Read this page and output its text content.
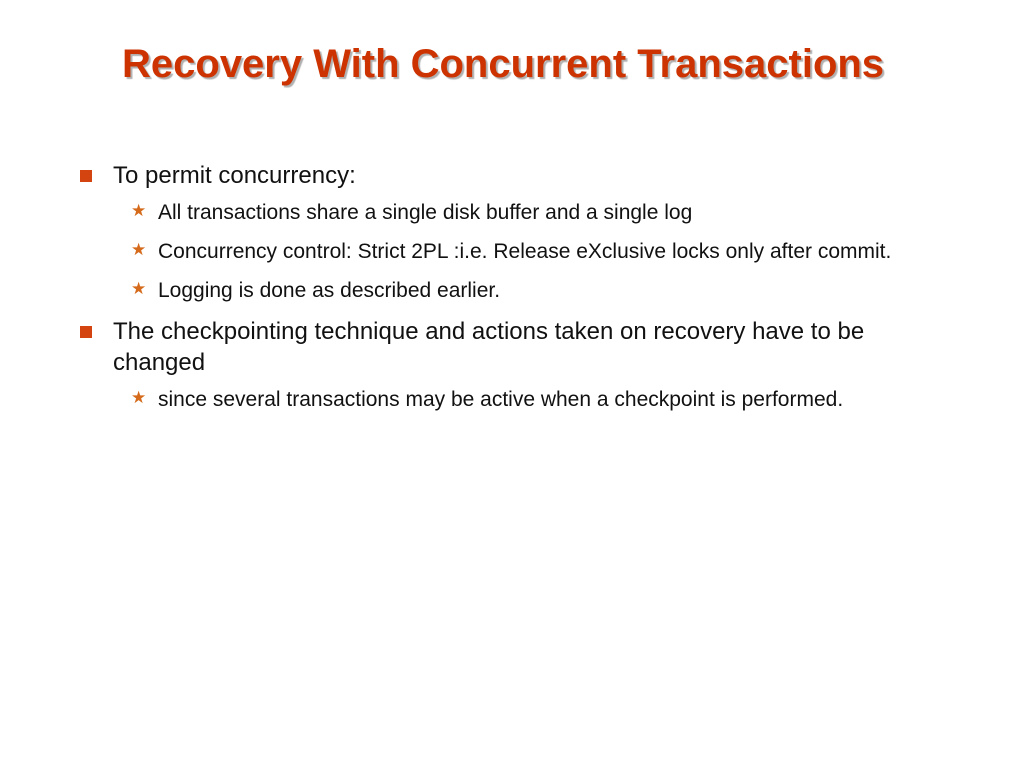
Recovery With Concurrent Transactions
To permit concurrency:
★ All transactions share a single disk buffer and a single log
★ Concurrency control: Strict 2PL :i.e. Release eXclusive locks only after commit.
★ Logging is done as described earlier.
The checkpointing technique and actions taken on recovery have to be changed
★ since several transactions may be active when a checkpoint is performed.
